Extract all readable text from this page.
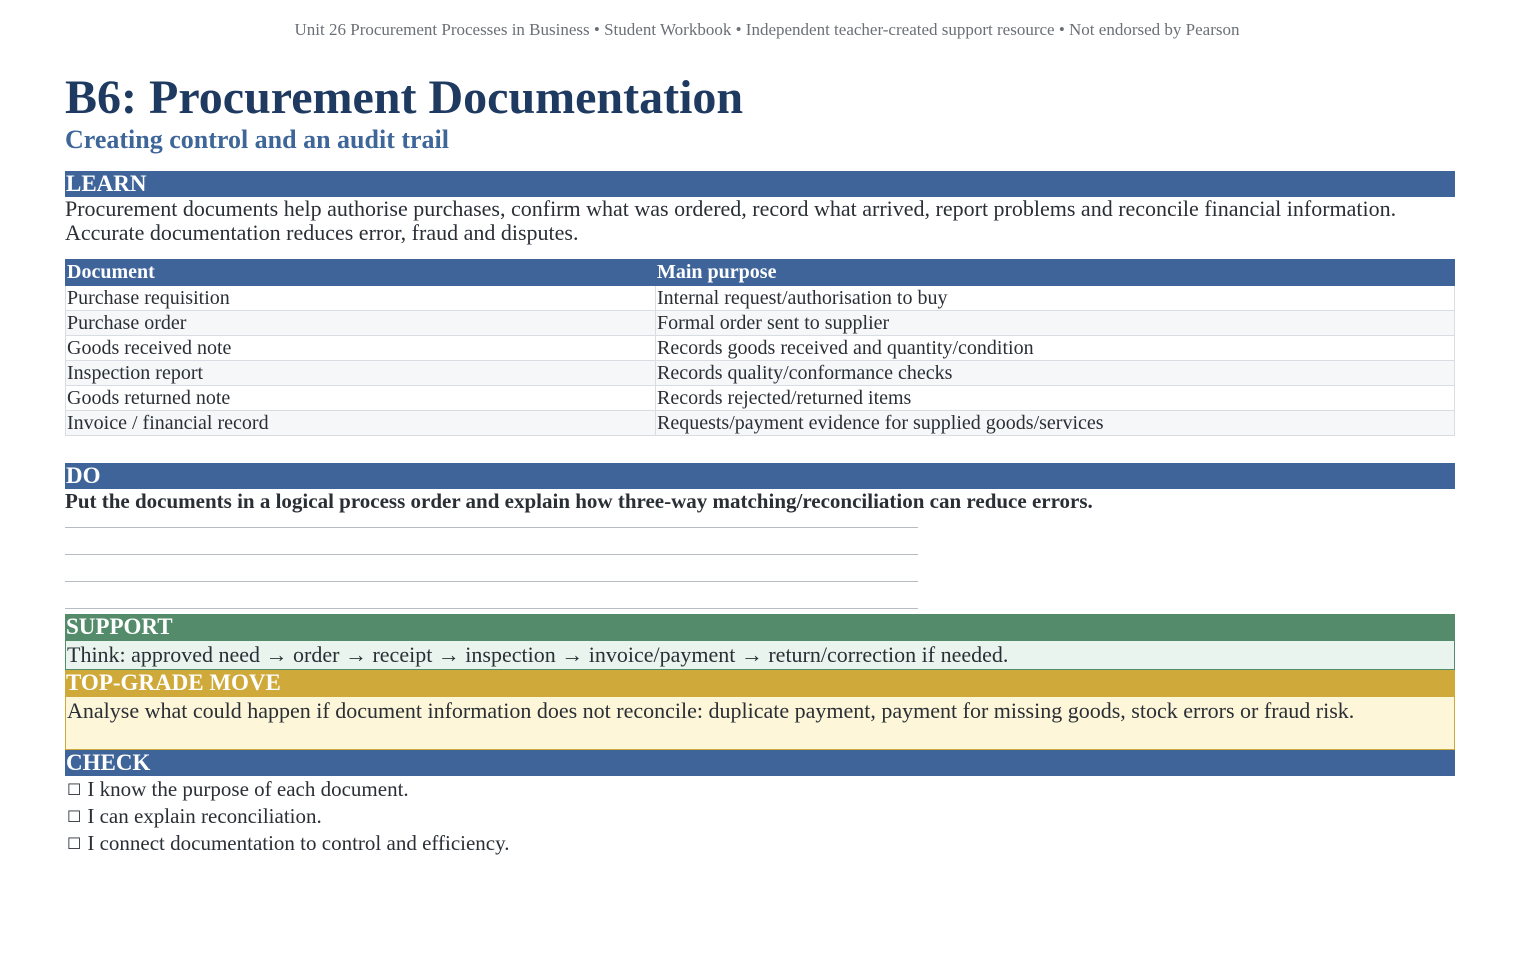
Unit 26 Procurement Processes in Business • Student Workbook • Independent teacher-created support resource • Not endorsed by Pearson
B6: Procurement Documentation

Creating control and an audit trail

LEARN

Procurement documents help authorise purchases, confirm what was ordered, record what arrived, report problems and reconcile financial information. Accurate documentation reduces error, fraud and disputes.

Document	Main purpose
Purchase requisition	Internal request/authorisation to buy
Purchase order	Formal order sent to supplier
Goods received note	Records goods received and quantity/condition
Inspection report	Records quality/conformance checks
Goods returned note	Records rejected/returned items
Invoice / financial record	Requests/payment evidence for supplied goods/services
DO

Put the documents in a logical process order and explain how three-way matching/reconciliation can reduce errors.

SUPPORT
Think: approved need → order → receipt → inspection → invoice/payment → return/correction if needed.
TOP-GRADE MOVE
Analyse what could happen if document information does not reconcile: duplicate payment, payment for missing goods, stock errors or fraud risk.
CHECK
☐ I know the purpose of each document.
☐ I can explain reconciliation.
☐ I connect documentation to control and efficiency.
